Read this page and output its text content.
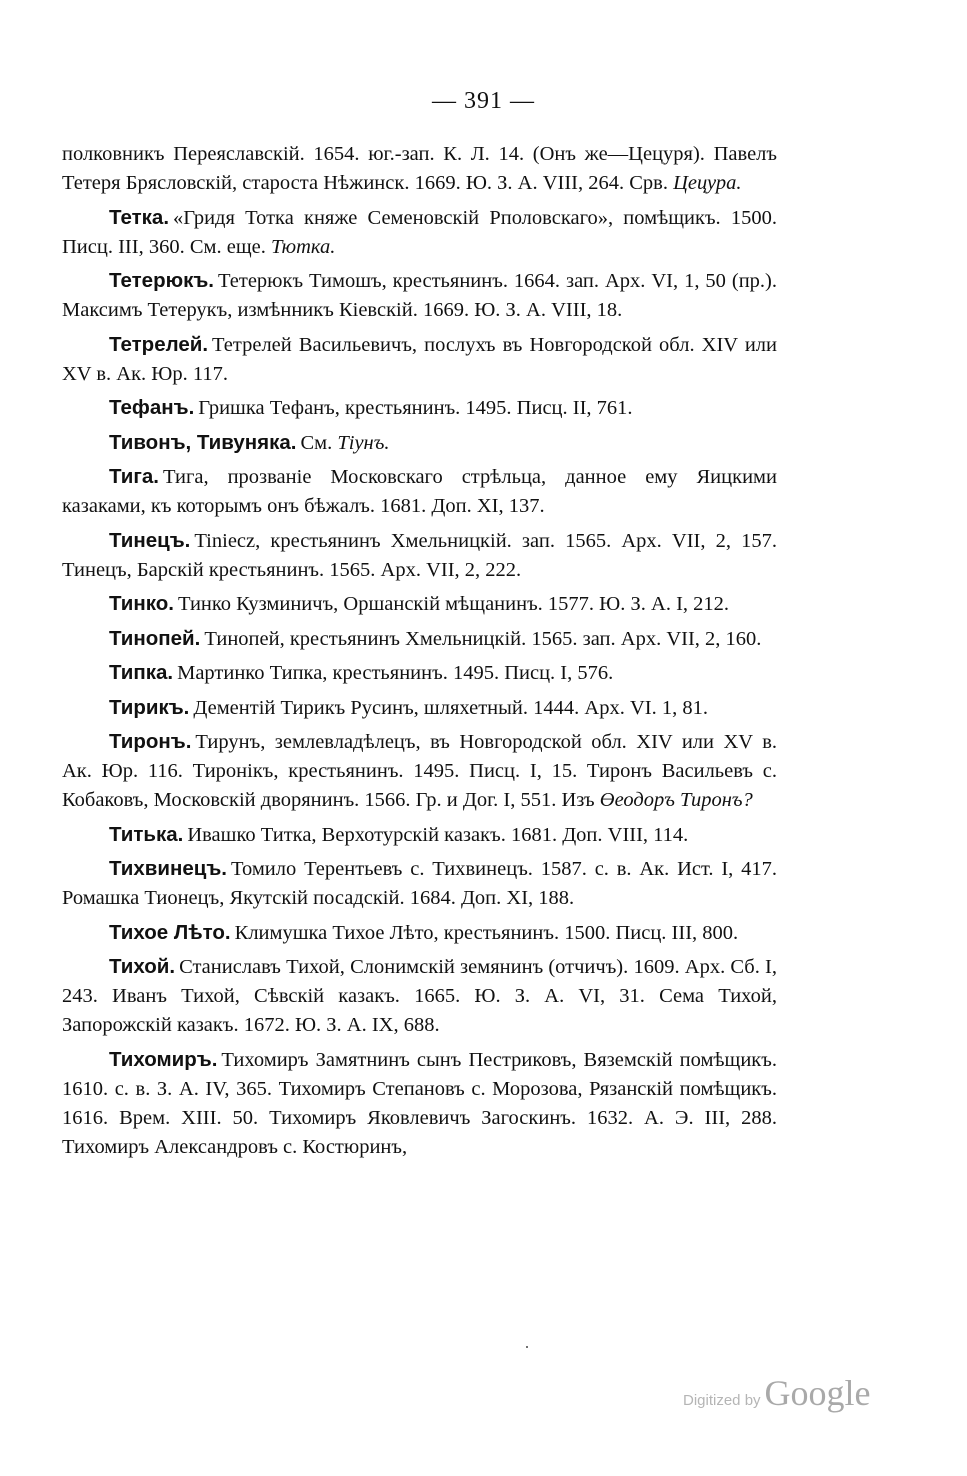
— 391 —

полковникъ Переяславскій. 1654. юг.-зап. К. Л. 14. (Онъ же—Цецуря). Павелъ Тетеря Брясловскій, староста Нѣжинск. 1669. Ю. З. А. VIII, 264. Срв. Цецура.

Тетка. «Гридя Тотка княже Семеновскій Рполовскаго», помѣщикъ. 1500. Писц. III, 360. См. еще. Тютка.

Тетерюкъ. Тетерюкъ Тимошъ, крестьянинъ. 1664. зап. Арх. VI, 1, 50 (пр.). Максимъ Тетерукъ, измѣнникъ Кіевскій. 1669. Ю. З. А. VIII, 18.

Тетрелей. Тетрелей Васильевичъ, послухъ въ Новгородской обл. XIV или XV в. Ак. Юр. 117.

Тефанъ. Гришка Тефанъ, крестьянинъ. 1495. Писц. II, 761.

Тивонъ, Тивуняка. См. Тіунъ.

Тига. Тига, прозваніе Московскаго стрѣльца, данное ему Яицкими казаками, къ которымъ онъ бѣжалъ. 1681. Доп. XI, 137.

Тинецъ. Tiniecz, крестьянинъ Хмельницкій. зап. 1565. Арх. VII, 2, 157. Тинецъ, Барскій крестьянинъ. 1565. Арх. VII, 2, 222.

Тинко. Тинко Кузминичъ, Оршанскій мѣщанинъ. 1577. Ю. З. А. I, 212.

Тинопей. Тинопей, крестьянинъ Хмельницкій. 1565. зап. Арх. VII, 2, 160.

Типка. Мартинко Типка, крестьянинъ. 1495. Писц. I, 576.

Тирикъ. Дементій Тирикъ Русинъ, шляхетный. 1444. Арх. VI. 1, 81.

Тиронъ. Тирунъ, землевладѣлецъ, въ Новгородской обл. XIV или XV в. Ак. Юр. 116. Тиронікъ, крестьянинъ. 1495. Писц. I, 15. Тиронъ Васильевъ с. Кобаковъ, Московскій дворянинъ. 1566. Гр. и Дог. I, 551. Изъ Өеодоръ Тиронъ?

Титька. Ивашко Титка, Верхотурскій казакъ. 1681. Доп. VIII, 114.

Тихвинецъ. Томило Терентьевъ с. Тихвинецъ. 1587. с. в. Ак. Ист. I, 417. Ромашка Тионецъ, Якутскій посадскій. 1684. Доп. XI, 188.

Тихое Лѣто. Климушка Тихое Лѣто, крестьянинъ. 1500. Писц. III, 800.

Тихой. Станиславъ Тихой, Слонимскій земянинъ (отчичъ). 1609. Арх. Сб. I, 243. Иванъ Тихой, Сѣвскій казакъ. 1665. Ю. З. А. VI, 31. Сема Тихой, Запорожскій казакъ. 1672. Ю. З. А. IX, 688.

Тихомиръ. Тихомиръ Замятнинъ сынъ Пестриковъ, Вяземскій помѣщикъ. 1610. с. в. З. А. IV, 365. Тихомиръ Степановъ с. Морозова, Рязанскій помѣщикъ. 1616. Врем. XIII. 50. Тихомиръ Яковлевичъ Загоскинъ. 1632. А. Э. III, 288. Тихомиръ Александровъ с. Костюринъ,

Digitized by Google
